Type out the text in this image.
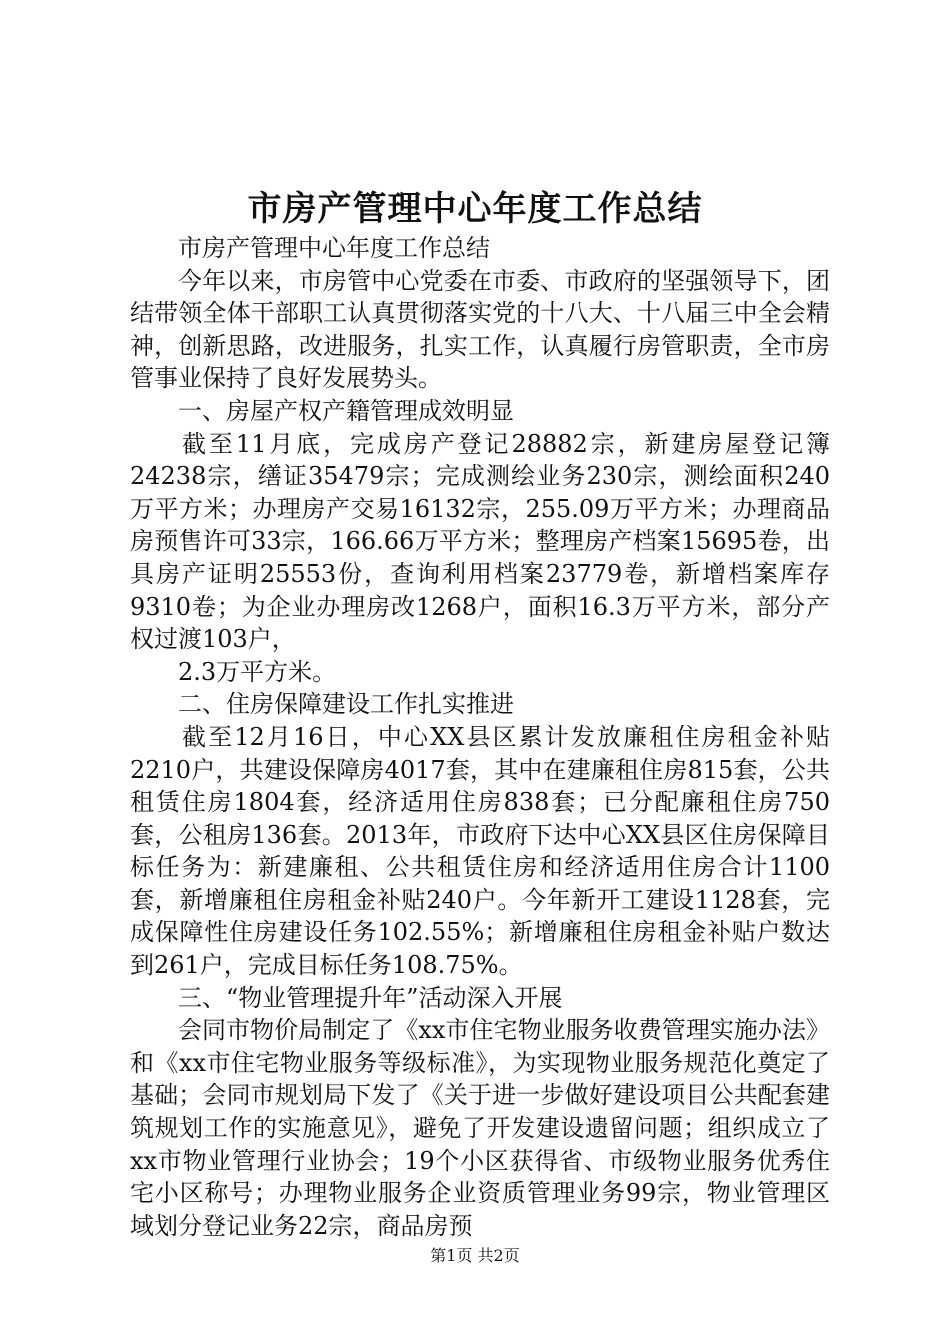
市房产管理中心年度工作总结

市房产管理中心年度工作总结

今年以来，市房管中心党委在市委、市政府的坚强领导下，团结带领全体干部职工认真贯彻落实党的十八大、十八届三中全会精神，创新思路，改进服务，扎实工作，认真履行房管职责，全市房管事业保持了良好发展势头。

一、房屋产权产籍管理成效明显

截至11月底，完成房产登记28882宗，新建房屋登记簿24238宗，缮证35479宗；完成测绘业务230宗，测绘面积240万平方米；办理房产交易16132宗，255.09万平方米；办理商品房预售许可33宗，166.66万平方米；整理房产档案15695卷，出具房产证明25553份，查询利用档案23779卷，新增档案库存9310卷；为企业办理房改1268户，面积16.3万平方米，部分产权过渡103户，

2.3万平方米。

二、住房保障建设工作扎实推进

截至12月16日，中心XX县区累计发放廉租住房租金补贴2210户，共建设保障房4017套，其中在建廉租住房815套，公共租赁住房1804套，经济适用住房838套；已分配廉租住房750套，公租房136套。2013年，市政府下达中心XX县区住房保障目标任务为：新建廉租、公共租赁住房和经济适用住房合计1100套，新增廉租住房租金补贴240户。今年新开工建设1128套，完成保障性住房建设任务102.55%；新增廉租住房租金补贴户数达到261户，完成目标任务108.75%。

三、“物业管理提升年”活动深入开展

会同市物价局制定了《xx市住宅物业服务收费管理实施办法》和《xx市住宅物业服务等级标准》，为实现物业服务规范化奠定了基础；会同市规划局下发了《关于进一步做好建设项目公共配套建筑规划工作的实施意见》，避免了开发建设遗留问题；组织成立了xx市物业管理行业协会；19个小区获得省、市级物业服务优秀住宅小区称号；办理物业服务企业资质管理业务99宗，物业管理区域划分登记业务22宗，商品房预

第1页 共2页
